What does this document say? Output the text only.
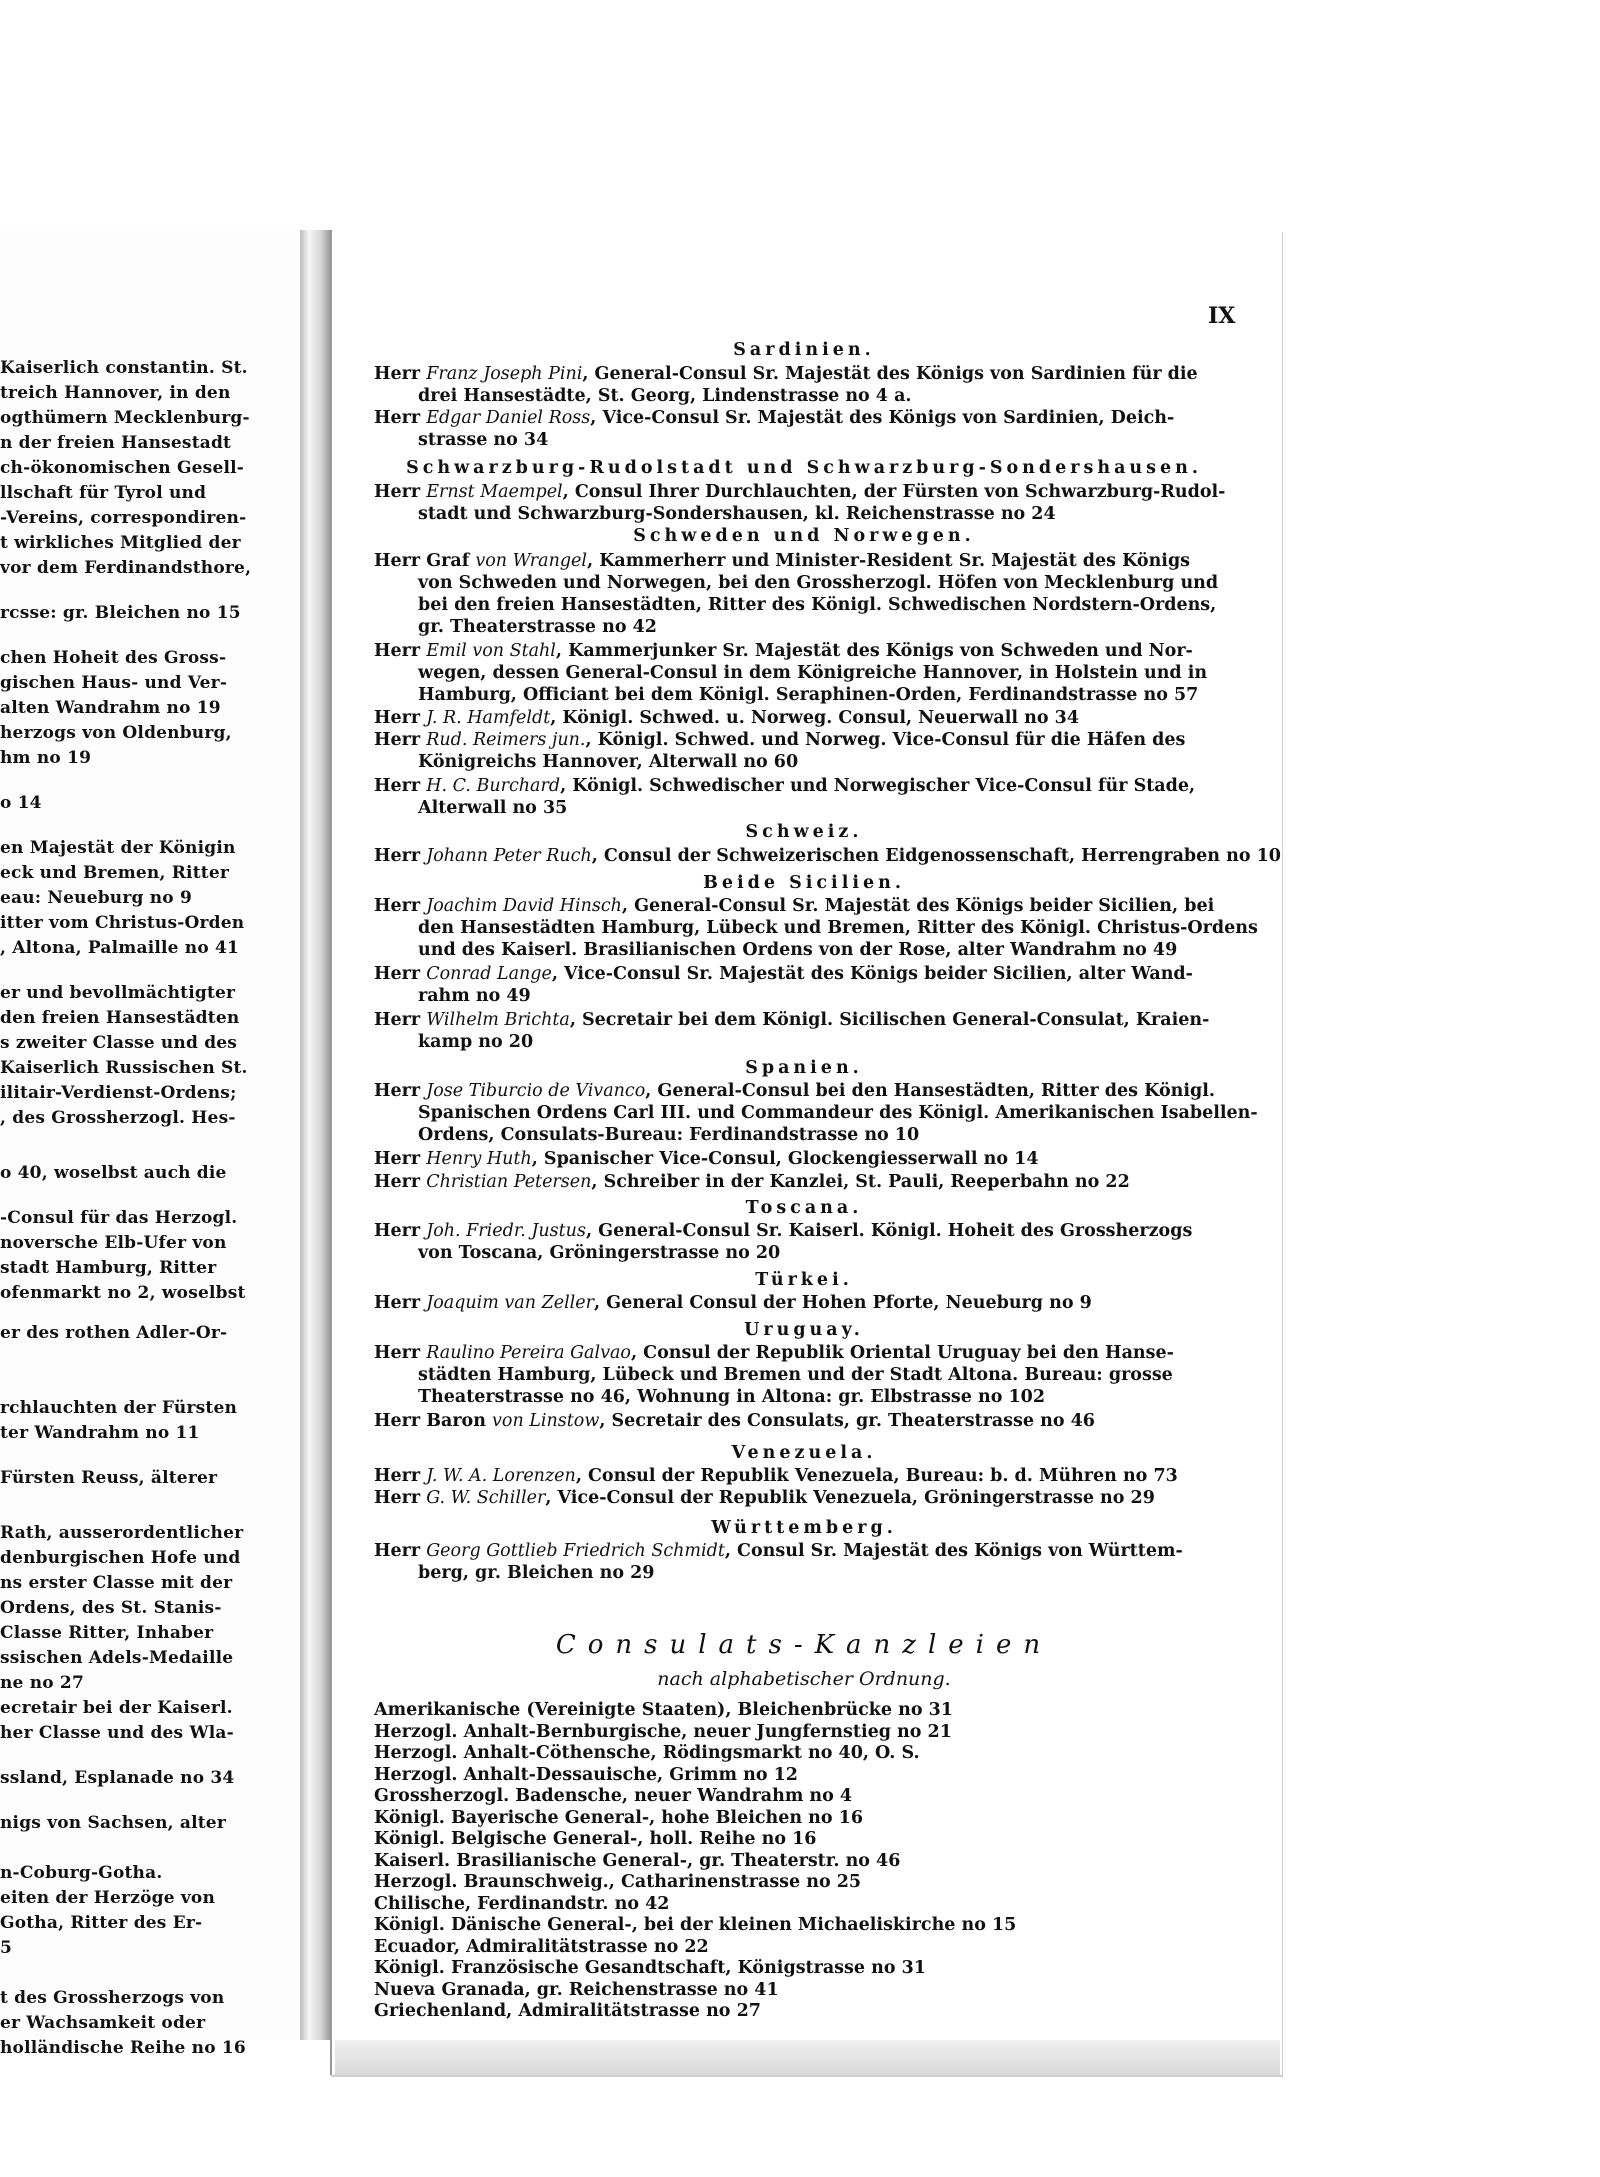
Kaiserlich constantin. St.
treich Hannover, in den
ogthümern Mecklenburg-
n der freien Hansestadt
ch-ökonomischen Gesell-
llschaft für Tyrol und
-Vereins, correspondiren-
t wirkliches Mitglied der
vor dem Ferdinandsthore,
rcsse: gr. Bleichen no 15
chen Hoheit des Gross-
gischen Haus- und Ver-
alten Wandrahm no 19
herzogs von Oldenburg,
hm no 19
o 14
en Majestät der Königin
eck und Bremen, Ritter
eau: Neueburg no 9
itter vom Christus-Orden
, Altona, Palmaille no 41
er und bevollmächtigter
den freien Hansestädten
s zweiter Classe und des
Kaiserlich Russischen St.
ilitair-Verdienst-Ordens;
, des Grossherzogl. Hes-
o 40, woselbst auch die
-Consul für das Herzogl.
noversche Elb-Ufer von
stadt Hamburg, Ritter
ofenmarkt no 2, woselbst
er des rothen Adler-Or-
rchlauchten der Fürsten
ter Wandrahm no 11
Fürsten Reuss, älterer
Rath, ausserordentlicher
denburgischen Hofe und
ns erster Classe mit der
Ordens, des St. Stanis-
Classe Ritter, Inhaber
ssischen Adels-Medaille
ne no 27
ecretair bei der Kaiserl.
her Classe und des Wla-
ssland, Esplanade no 34
nigs von Sachsen, alter
n-Coburg-Gotha.
eiten der Herzöge von
Gotha, Ritter des Er-
5
t des Grossherzogs von
er Wachsamkeit oder
holländische Reihe no 16
IX
Sardinien.
Schwarzburg-Rudolstadt und Schwarzburg-Sondershausen.
Schweden und Norwegen.
Schweiz.
Beide Sicilien.
Spanien.
Toscana.
Türkei.
Uruguay.
Venezuela.
Württemberg.
Herr Franz Joseph Pini, General-Consul Sr. Majestät des Königs von Sardinien für die
drei Hansestädte, St. Georg, Lindenstrasse no 4 a.
Herr Edgar Daniel Ross, Vice-Consul Sr. Majestät des Königs von Sardinien, Deich-
strasse no 34
Herr Ernst Maempel, Consul Ihrer Durchlauchten, der Fürsten von Schwarzburg-Rudol-
stadt und Schwarzburg-Sondershausen, kl. Reichenstrasse no 24
Herr Graf von Wrangel, Kammerherr und Minister-Resident Sr. Majestät des Königs
von Schweden und Norwegen, bei den Grossherzogl. Höfen von Mecklenburg und
bei den freien Hansestädten, Ritter des Königl. Schwedischen Nordstern-Ordens,
gr. Theaterstrasse no 42
Herr Emil von Stahl, Kammerjunker Sr. Majestät des Königs von Schweden und Nor-
wegen, dessen General-Consul in dem Königreiche Hannover, in Holstein und in
Hamburg, Officiant bei dem Königl. Seraphinen-Orden, Ferdinandstrasse no 57
Herr J. R. Hamfeldt, Königl. Schwed. u. Norweg. Consul, Neuerwall no 34
Herr Rud. Reimers jun., Königl. Schwed. und Norweg. Vice-Consul für die Häfen des
Königreichs Hannover, Alterwall no 60
Herr H. C. Burchard, Königl. Schwedischer und Norwegischer Vice-Consul für Stade,
Alterwall no 35
Herr Johann Peter Ruch, Consul der Schweizerischen Eidgenossenschaft, Herrengraben no 10
Herr Joachim David Hinsch, General-Consul Sr. Majestät des Königs beider Sicilien, bei
den Hansestädten Hamburg, Lübeck und Bremen, Ritter des Königl. Christus-Ordens
und des Kaiserl. Brasilianischen Ordens von der Rose, alter Wandrahm no 49
Herr Conrad Lange, Vice-Consul Sr. Majestät des Königs beider Sicilien, alter Wand-
rahm no 49
Herr Wilhelm Brichta, Secretair bei dem Königl. Sicilischen General-Consulat, Kraien-
kamp no 20
Herr Jose Tiburcio de Vivanco, General-Consul bei den Hansestädten, Ritter des Königl.
Spanischen Ordens Carl III. und Commandeur des Königl. Amerikanischen Isabellen-
Ordens, Consulats-Bureau: Ferdinandstrasse no 10
Herr Henry Huth, Spanischer Vice-Consul, Glockengiesserwall no 14
Herr Christian Petersen, Schreiber in der Kanzlei, St. Pauli, Reeperbahn no 22
Herr Joh. Friedr. Justus, General-Consul Sr. Kaiserl. Königl. Hoheit des Grossherzogs
von Toscana, Gröningerstrasse no 20
Herr Joaquim van Zeller, General Consul der Hohen Pforte, Neueburg no 9
Herr Raulino Pereira Galvao, Consul der Republik Oriental Uruguay bei den Hanse-
städten Hamburg, Lübeck und Bremen und der Stadt Altona. Bureau: grosse
Theaterstrasse no 46, Wohnung in Altona: gr. Elbstrasse no 102
Herr Baron von Linstow, Secretair des Consulats, gr. Theaterstrasse no 46
Herr J. W. A. Lorenzen, Consul der Republik Venezuela, Bureau: b. d. Mühren no 73
Herr G. W. Schiller, Vice-Consul der Republik Venezuela, Gröningerstrasse no 29
Herr Georg Gottlieb Friedrich Schmidt, Consul Sr. Majestät des Königs von Württem-
berg, gr. Bleichen no 29
Consulats-Kanzleien
nach alphabetischer Ordnung.
Amerikanische (Vereinigte Staaten), Bleichenbrücke no 31
Herzogl. Anhalt-Bernburgische, neuer Jungfernstieg no 21
Herzogl. Anhalt-Cöthensche, Rödingsmarkt no 40, O. S.
Herzogl. Anhalt-Dessauische, Grimm no 12
Grossherzogl. Badensche, neuer Wandrahm no 4
Königl. Bayerische General-, hohe Bleichen no 16
Königl. Belgische General-, holl. Reihe no 16
Kaiserl. Brasilianische General-, gr. Theaterstr. no 46
Herzogl. Braunschweig., Catharinenstrasse no 25
Chilische, Ferdinandstr. no 42
Königl. Dänische General-, bei der kleinen Michaeliskirche no 15
Ecuador, Admiralitätstrasse no 22
Königl. Französische Gesandtschaft, Königstrasse no 31
Nueva Granada, gr. Reichenstrasse no 41
Griechenland, Admiralitätstrasse no 27
